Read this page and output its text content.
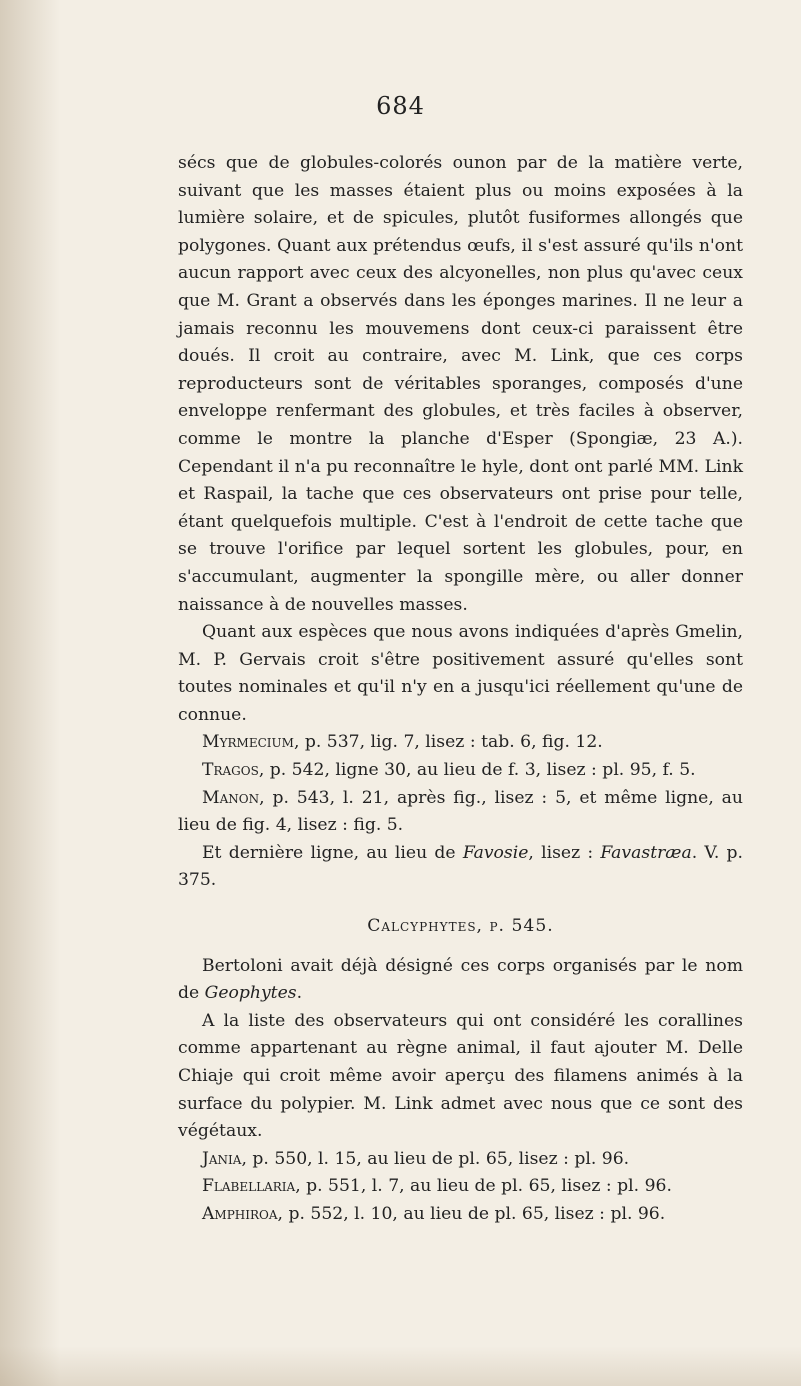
684

sécs que de globules-colorés ounon par de la matière verte, suivant que les masses étaient plus ou moins exposées à la lumière solaire, et de spicules, plutôt fusiformes allongés que polygones. Quant aux prétendus œufs, il s'est assuré qu'ils n'ont aucun rapport avec ceux des alcyonelles, non plus qu'avec ceux que M. Grant a observés dans les éponges marines. Il ne leur a jamais reconnu les mouvemens dont ceux-ci paraissent être doués. Il croit au contraire, avec M. Link, que ces corps reproducteurs sont de véritables sporanges, composés d'une enveloppe renfermant des globules, et très faciles à observer, comme le montre la planche d'Esper (Spongiæ, 23 A.). Cependant il n'a pu reconnaître le hyle, dont ont parlé MM. Link et Raspail, la tache que ces observateurs ont prise pour telle, étant quelquefois multiple. C'est à l'endroit de cette tache que se trouve l'orifice par lequel sortent les globules, pour, en s'accumulant, augmenter la spongille mère, ou aller donner naissance à de nouvelles masses.

Quant aux espèces que nous avons indiquées d'après Gmelin, M. P. Gervais croit s'être positivement assuré qu'elles sont toutes nominales et qu'il n'y en a jusqu'ici réellement qu'une de connue.

Myrmecium, p. 537, lig. 7, lisez : tab. 6, fig. 12.

Tragos, p. 542, ligne 30, au lieu de f. 3, lisez : pl. 95, f. 5.

Manon, p. 543, l. 21, après fig., lisez : 5, et même ligne, au lieu de fig. 4, lisez : fig. 5.

Et dernière ligne, au lieu de Favosie, lisez : Favastræa. V. p. 375.

Calcyphytes, p. 545.

Bertoloni avait déjà désigné ces corps organisés par le nom de Geophytes.

A la liste des observateurs qui ont considéré les corallines comme appartenant au règne animal, il faut ajouter M. Delle Chiaje qui croit même avoir aperçu des filamens animés à la surface du polypier. M. Link admet avec nous que ce sont des végétaux.

Jania, p. 550, l. 15, au lieu de pl. 65, lisez : pl. 96.

Flabellaria, p. 551, l. 7, au lieu de pl. 65, lisez : pl. 96.

Amphiroa, p. 552, l. 10, au lieu de pl. 65, lisez : pl. 96.
